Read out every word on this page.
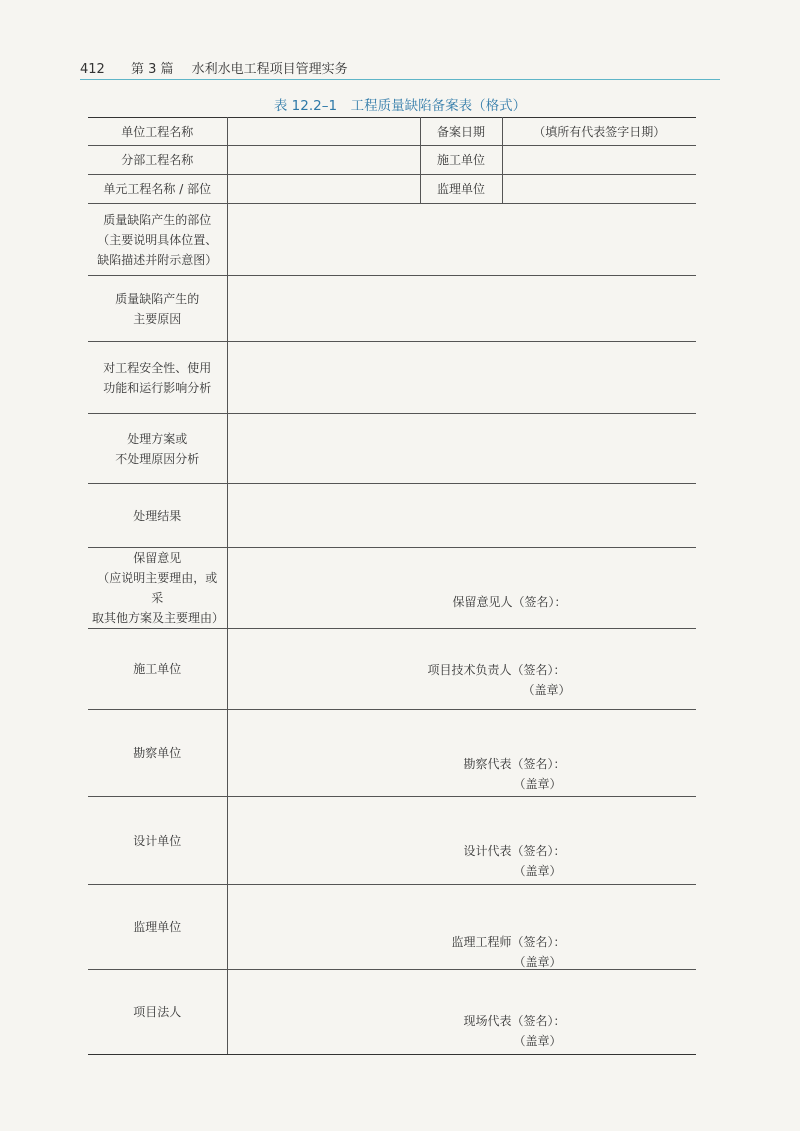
412 第 3 篇 水利水电工程项目管理实务
表 12.2–1　工程质量缺陷备案表（格式）
单位工程名称		备案日期	（填所有代表签字日期）
分部工程名称		施工单位	
单元工程名称 / 部位		监理单位	

质量缺陷产生的部位
（主要说明具体位置、
缺陷描述并附示意图）			

质量缺陷产生的
主要原因			

对工程安全性、使用
功能和运行影响分析			

处理方案或
不处理原因分析			

处理结果			

保留意见
（应说明主要理由，或采
取其他方案及主要理由）	保留意见人（签名）：		

施工单位	项目技术负责人（签名）：
（盖章）		

勘察单位	勘察代表（签名）：
（盖章）		

设计单位	设计代表（签名）：
（盖章）		

监理单位	监理工程师（签名）：
（盖章）		

项目法人	现场代表（签名）：
（盖章）		
